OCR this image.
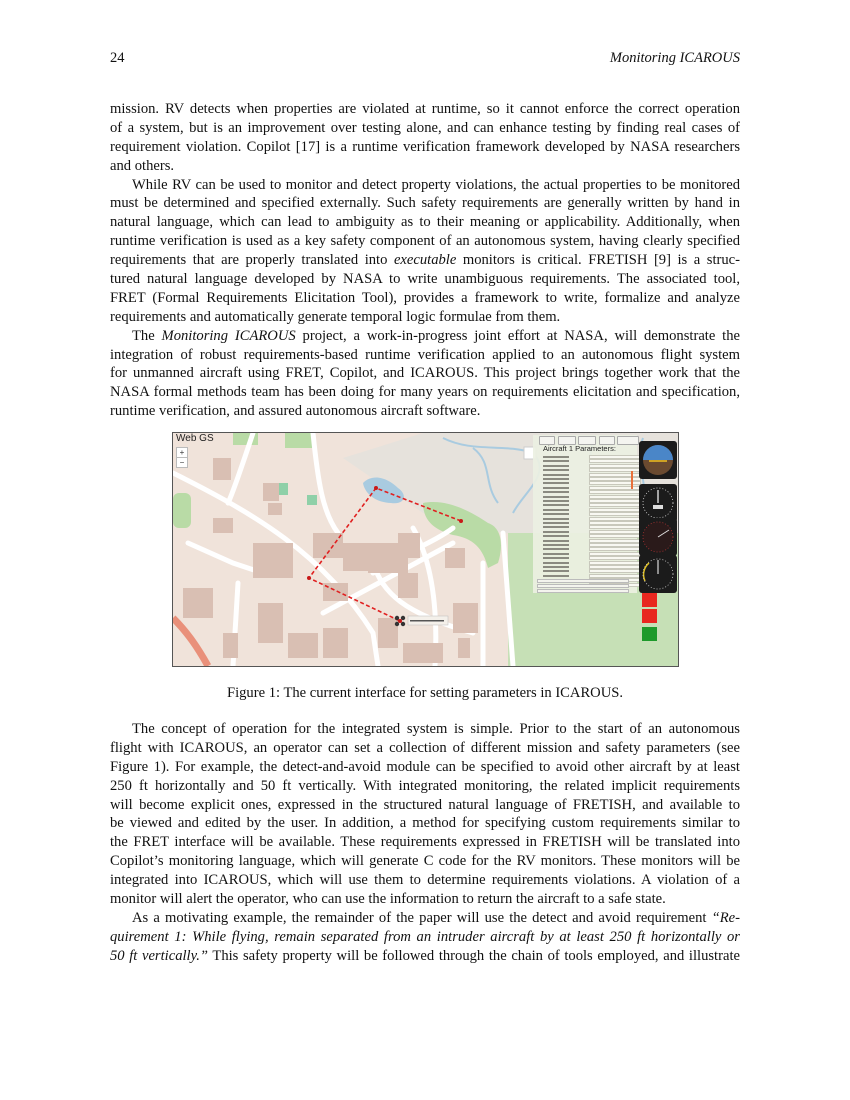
24	Monitoring ICAROUS
mission. RV detects when properties are violated at runtime, so it cannot enforce the correct operation
of a system, but is an improvement over testing alone, and can enhance testing by finding real cases of
requirement violation. Copilot [17] is a runtime verification framework developed by NASA researchers
and others.
While RV can be used to monitor and detect property violations, the actual properties to be monitored
must be determined and specified externally. Such safety requirements are generally written by hand in
natural language, which can lead to ambiguity as to their meaning or applicability. Additionally, when
runtime verification is used as a key safety component of an autonomous system, having clearly specified
requirements that are properly translated into executable monitors is critical. FRETISH [9] is a struc-
tured natural language developed by NASA to write unambiguous requirements. The associated tool,
FRET (Formal Requirements Elicitation Tool), provides a framework to write, formalize and analyze
requirements and automatically generate temporal logic formulae from them.
The Monitoring ICAROUS project, a work-in-progress joint effort at NASA, will demonstrate the
integration of robust requirements-based runtime verification applied to an autonomous flight system
for unmanned aircraft using FRET, Copilot, and ICAROUS. This project brings together work that the
NASA formal methods team has been doing for many years on requirements elicitation and specification,
runtime verification, and assured autonomous aircraft software.
Web GS
+
−
Aircraft 1 Parameters:
Figure 1: The current interface for setting parameters in ICAROUS.
The concept of operation for the integrated system is simple. Prior to the start of an autonomous
flight with ICAROUS, an operator can set a collection of different mission and safety parameters (see
Figure 1). For example, the detect-and-avoid module can be specified to avoid other aircraft by at least
250 ft horizontally and 50 ft vertically. With integrated monitoring, the related implicit requirements
will become explicit ones, expressed in the structured natural language of FRETISH, and available to
be viewed and edited by the user. In addition, a method for specifying custom requirements similar to
the FRET interface will be available. These requirements expressed in FRETISH will be translated into
Copilot’s monitoring language, which will generate C code for the RV monitors. These monitors will be
integrated into ICAROUS, which will use them to determine requirements violations. A violation of a
monitor will alert the operator, who can use the information to return the aircraft to a safe state.
As a motivating example, the remainder of the paper will use the detect and avoid requirement “Re-
quirement 1: While flying, remain separated from an intruder aircraft by at least 250 ft horizontally or
50 ft vertically.” This safety property will be followed through the chain of tools employed, and illustrate
